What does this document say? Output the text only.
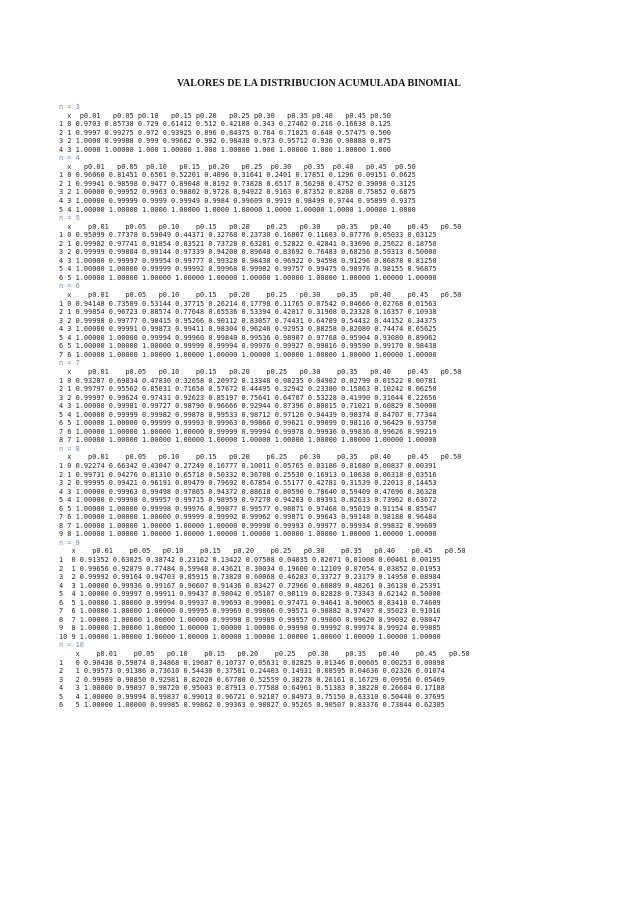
VALORES DE LA DISTRIBUCION ACUMULADA BINOMIAL
n = 3
x  p0.01   p0.05 p0.10   p0.15 p0.20   p0.25 p0.30   p0.35 p0.40   p0.45 p0.50
1 0 0.9703 0.85738 0.729 0.61412 0.512 0.42188 0.343 0.27462 0.216 0.16638 0.125
2 1 0.9997 0.99275 0.972 0.93925 0.896 0.84375 0.784 0.71825 0.648 0.57475 0.500
3 2 1.0000 0.99988 0.999 0.99662 0.992 0.98438 0.973 0.95712 0.936 0.90888 0.875
4 3 1.0000 1.00000 1.000 1.00000 1.000 1.00000 1.000 1.00000 1.000 1.00000 1.000
n = 4
x   p0.01   p0.05  p0.10   p0.15  p0.20   p0.25  p0.30   p0.35  p0.40   p0.45  p0.50
1 0 0.96060 0.81451 0.6561 0.52201 0.4096 0.31641 0.2401 0.17851 0.1296 0.09151 0.0625
2 1 0.99941 0.98598 0.9477 0.89048 0.8192 0.73828 0.6517 0.56298 0.4752 0.39098 0.3125
3 2 1.00000 0.99952 0.9963 0.98802 0.9728 0.94922 0.9163 0.87352 0.8208 0.75852 0.6875
4 3 1.00000 0.99999 0.9999 0.99949 0.9984 0.99609 0.9919 0.98499 0.9744 0.95899 0.9375
5 4 1.00000 1.00000 1.0000 1.00000 1.0000 1.00000 1.0000 1.00000 1.0000 1.00000 1.0000
n = 5
x    p0.01    p0.05   p0.10    p0.15   p0.20    p0.25   p0.30    p0.35   p0.40    p0.45   p0.50
1 0 0.95099 0.77378 0.59049 0.44371 0.32768 0.23730 0.16807 0.11603 0.07776 0.05033 0.03125
2 1 0.99902 0.97741 0.91854 0.83521 0.73728 0.63281 0.52822 0.42841 0.33696 0.25622 0.18750
3 2 0.99999 0.99884 0.99144 0.97339 0.94208 0.89648 0.83692 0.76483 0.68256 0.59313 0.50000
4 3 1.00000 0.99997 0.99954 0.99777 0.99328 0.98438 0.96922 0.94598 0.91296 0.86878 0.81250
5 4 1.00000 1.00000 0.99999 0.99992 0.99968 0.99902 0.99757 0.99475 0.98976 0.98155 0.96875
6 5 1.00000 1.00000 1.00000 1.00000 1.00000 1.00000 1.00000 1.00000 1.00000 1.00000 1.00000
n = 6
x    p0.01    p0.05   p0.10    p0.15   p0.20    p0.25   p0.30    p0.35   p0.40    p0.45   p0.50
1 0 0.94148 0.73509 0.53144 0.37715 0.26214 0.17798 0.11765 0.07542 0.04666 0.02768 0.01563
2 1 0.99854 0.96723 0.88574 0.77648 0.65536 0.53394 0.42017 0.31908 0.23328 0.16357 0.10938
3 2 0.99998 0.99777 0.98415 0.95266 0.90112 0.83057 0.74431 0.64709 0.54432 0.44152 0.34375
4 3 1.00000 0.99991 0.99873 0.99411 0.98304 0.96240 0.92953 0.88258 0.82080 0.74474 0.65625
5 4 1.00000 1.00000 0.99994 0.99960 0.99840 0.99536 0.98907 0.97768 0.95904 0.93080 0.89062
6 5 1.00000 1.00000 1.00000 0.99999 0.99994 0.99976 0.99927 0.99816 0.99590 0.99170 0.98438
7 6 1.00000 1.00000 1.00000 1.00000 1.00000 1.00000 1.00000 1.00000 1.00000 1.00000 1.00000
n = 7
x    p0.01    p0.05   p0.10    p0.15   p0.20    p0.25   p0.30    p0.35   p0.40    p0.45   p0.50
1 0 0.93207 0.69834 0.47830 0.32058 0.20972 0.13348 0.08235 0.04902 0.02799 0.01522 0.00781
2 1 0.99797 0.95562 0.85031 0.71658 0.57672 0.44495 0.32942 0.23380 0.15863 0.10242 0.06250
3 2 0.99997 0.99624 0.97431 0.92623 0.85197 0.75641 0.64707 0.53228 0.41990 0.31644 0.22656
4 3 1.00000 0.99981 0.99727 0.98790 0.96666 0.92944 0.87396 0.80015 0.71021 0.60829 0.50000
5 4 1.00000 0.99999 0.99982 0.99878 0.99533 0.98712 0.97120 0.94439 0.90374 0.84707 0.77344
6 5 1.00000 1.00000 0.99999 0.99993 0.99963 0.99866 0.99621 0.99099 0.98116 0.96429 0.93750
7 6 1.00000 1.00000 1.00000 1.00000 0.99999 0.99994 0.99978 0.99936 0.99836 0.99626 0.99219
8 7 1.00000 1.00000 1.00000 1.00000 1.00000 1.00000 1.00000 1.00000 1.00000 1.00000 1.00000
n = 8
x    p0.01    p0.05   p0.10    p0.15   p0.20    p0.25   p0.30    p0.35   p0.40    p0.45   p0.50
1 0 0.92274 0.66342 0.43047 0.27249 0.16777 0.10011 0.05765 0.03186 0.01680 0.00837 0.00391
2 1 0.99731 0.94276 0.81310 0.65718 0.50332 0.36708 0.25530 0.16913 0.10638 0.06318 0.03516
3 2 0.99995 0.99421 0.96191 0.89479 0.79692 0.67854 0.55177 0.42781 0.31539 0.22013 0.14453
4 3 1.00000 0.99963 0.99498 0.97865 0.94372 0.88618 0.80590 0.70640 0.59409 0.47696 0.36328
5 4 1.00000 0.99998 0.99957 0.99715 0.98959 0.97270 0.94203 0.89391 0.82633 0.73962 0.63672
6 5 1.00000 1.00000 0.99998 0.99976 0.99877 0.99577 0.98871 0.97468 0.95019 0.91154 0.85547
7 6 1.00000 1.00000 1.00000 0.99999 0.99992 0.99962 0.99871 0.99643 0.99148 0.98188 0.96484
8 7 1.00000 1.00000 1.00000 1.00000 1.00000 0.99998 0.99993 0.99977 0.99934 0.99832 0.99609
9 8 1.00000 1.00000 1.00000 1.00000 1.00000 1.00000 1.00000 1.00000 1.00000 1.00000 1.00000
n = 9
x    p0.01    p0.05   p0.10    p0.15   p0.20    p0.25   p0.30    p0.35   p0.40    p0.45   p0.50
1  0 0.91352 0.63025 0.38742 0.23162 0.13422 0.07508 0.04035 0.02071 0.01008 0.00461 0.00195
2  1 0.99656 0.92879 0.77484 0.59948 0.43621 0.30034 0.19600 0.12109 0.07054 0.03852 0.01953
3  2 0.99992 0.99164 0.94703 0.85915 0.73820 0.60068 0.46283 0.33727 0.23179 0.14950 0.08984
4  3 1.00000 0.99936 0.99167 0.96607 0.91436 0.83427 0.72966 0.60889 0.48261 0.36138 0.25391
5  4 1.00000 0.99997 0.99911 0.99437 0.98042 0.95107 0.90119 0.82828 0.73343 0.62142 0.50000
6  5 1.00000 1.00000 0.99994 0.99937 0.99693 0.99001 0.97471 0.94641 0.90065 0.83418 0.74609
7  6 1.00000 1.00000 1.00000 0.99995 0.99969 0.99866 0.99571 0.98882 0.97497 0.95023 0.91016
8  7 1.00000 1.00000 1.00000 1.00000 0.99998 0.99989 0.99957 0.99860 0.99620 0.99092 0.98047
9  8 1.00000 1.00000 1.00000 1.00000 1.00000 1.00000 0.99998 0.99992 0.99974 0.99924 0.99805
10 9 1.00000 1.00000 1.00000 1.00000 1.00000 1.00000 1.00000 1.00000 1.00000 1.00000 1.00000
n = 10
x    p0.01    p0.05   p0.10    p0.15   p0.20    p0.25   p0.30    p0.35   p0.40    p0.45   p0.50
1   0 0.90438 0.59874 0.34868 0.19687 0.10737 0.05631 0.02825 0.01346 0.00605 0.00253 0.00098
2   1 0.99573 0.91386 0.73610 0.54430 0.37581 0.24403 0.14931 0.08595 0.04636 0.02326 0.01074
3   2 0.99989 0.98850 0.92981 0.82020 0.67780 0.52559 0.38278 0.26161 0.16729 0.09956 0.05469
4   3 1.00000 0.99897 0.98720 0.95003 0.87913 0.77588 0.64961 0.51383 0.38228 0.26604 0.17188
5   4 1.00000 0.99994 0.99837 0.99013 0.96721 0.92187 0.84973 0.75150 0.63310 0.50440 0.37695
6   5 1.00000 1.00000 0.99985 0.99862 0.99363 0.98027 0.95265 0.90507 0.83376 0.73844 0.62305
